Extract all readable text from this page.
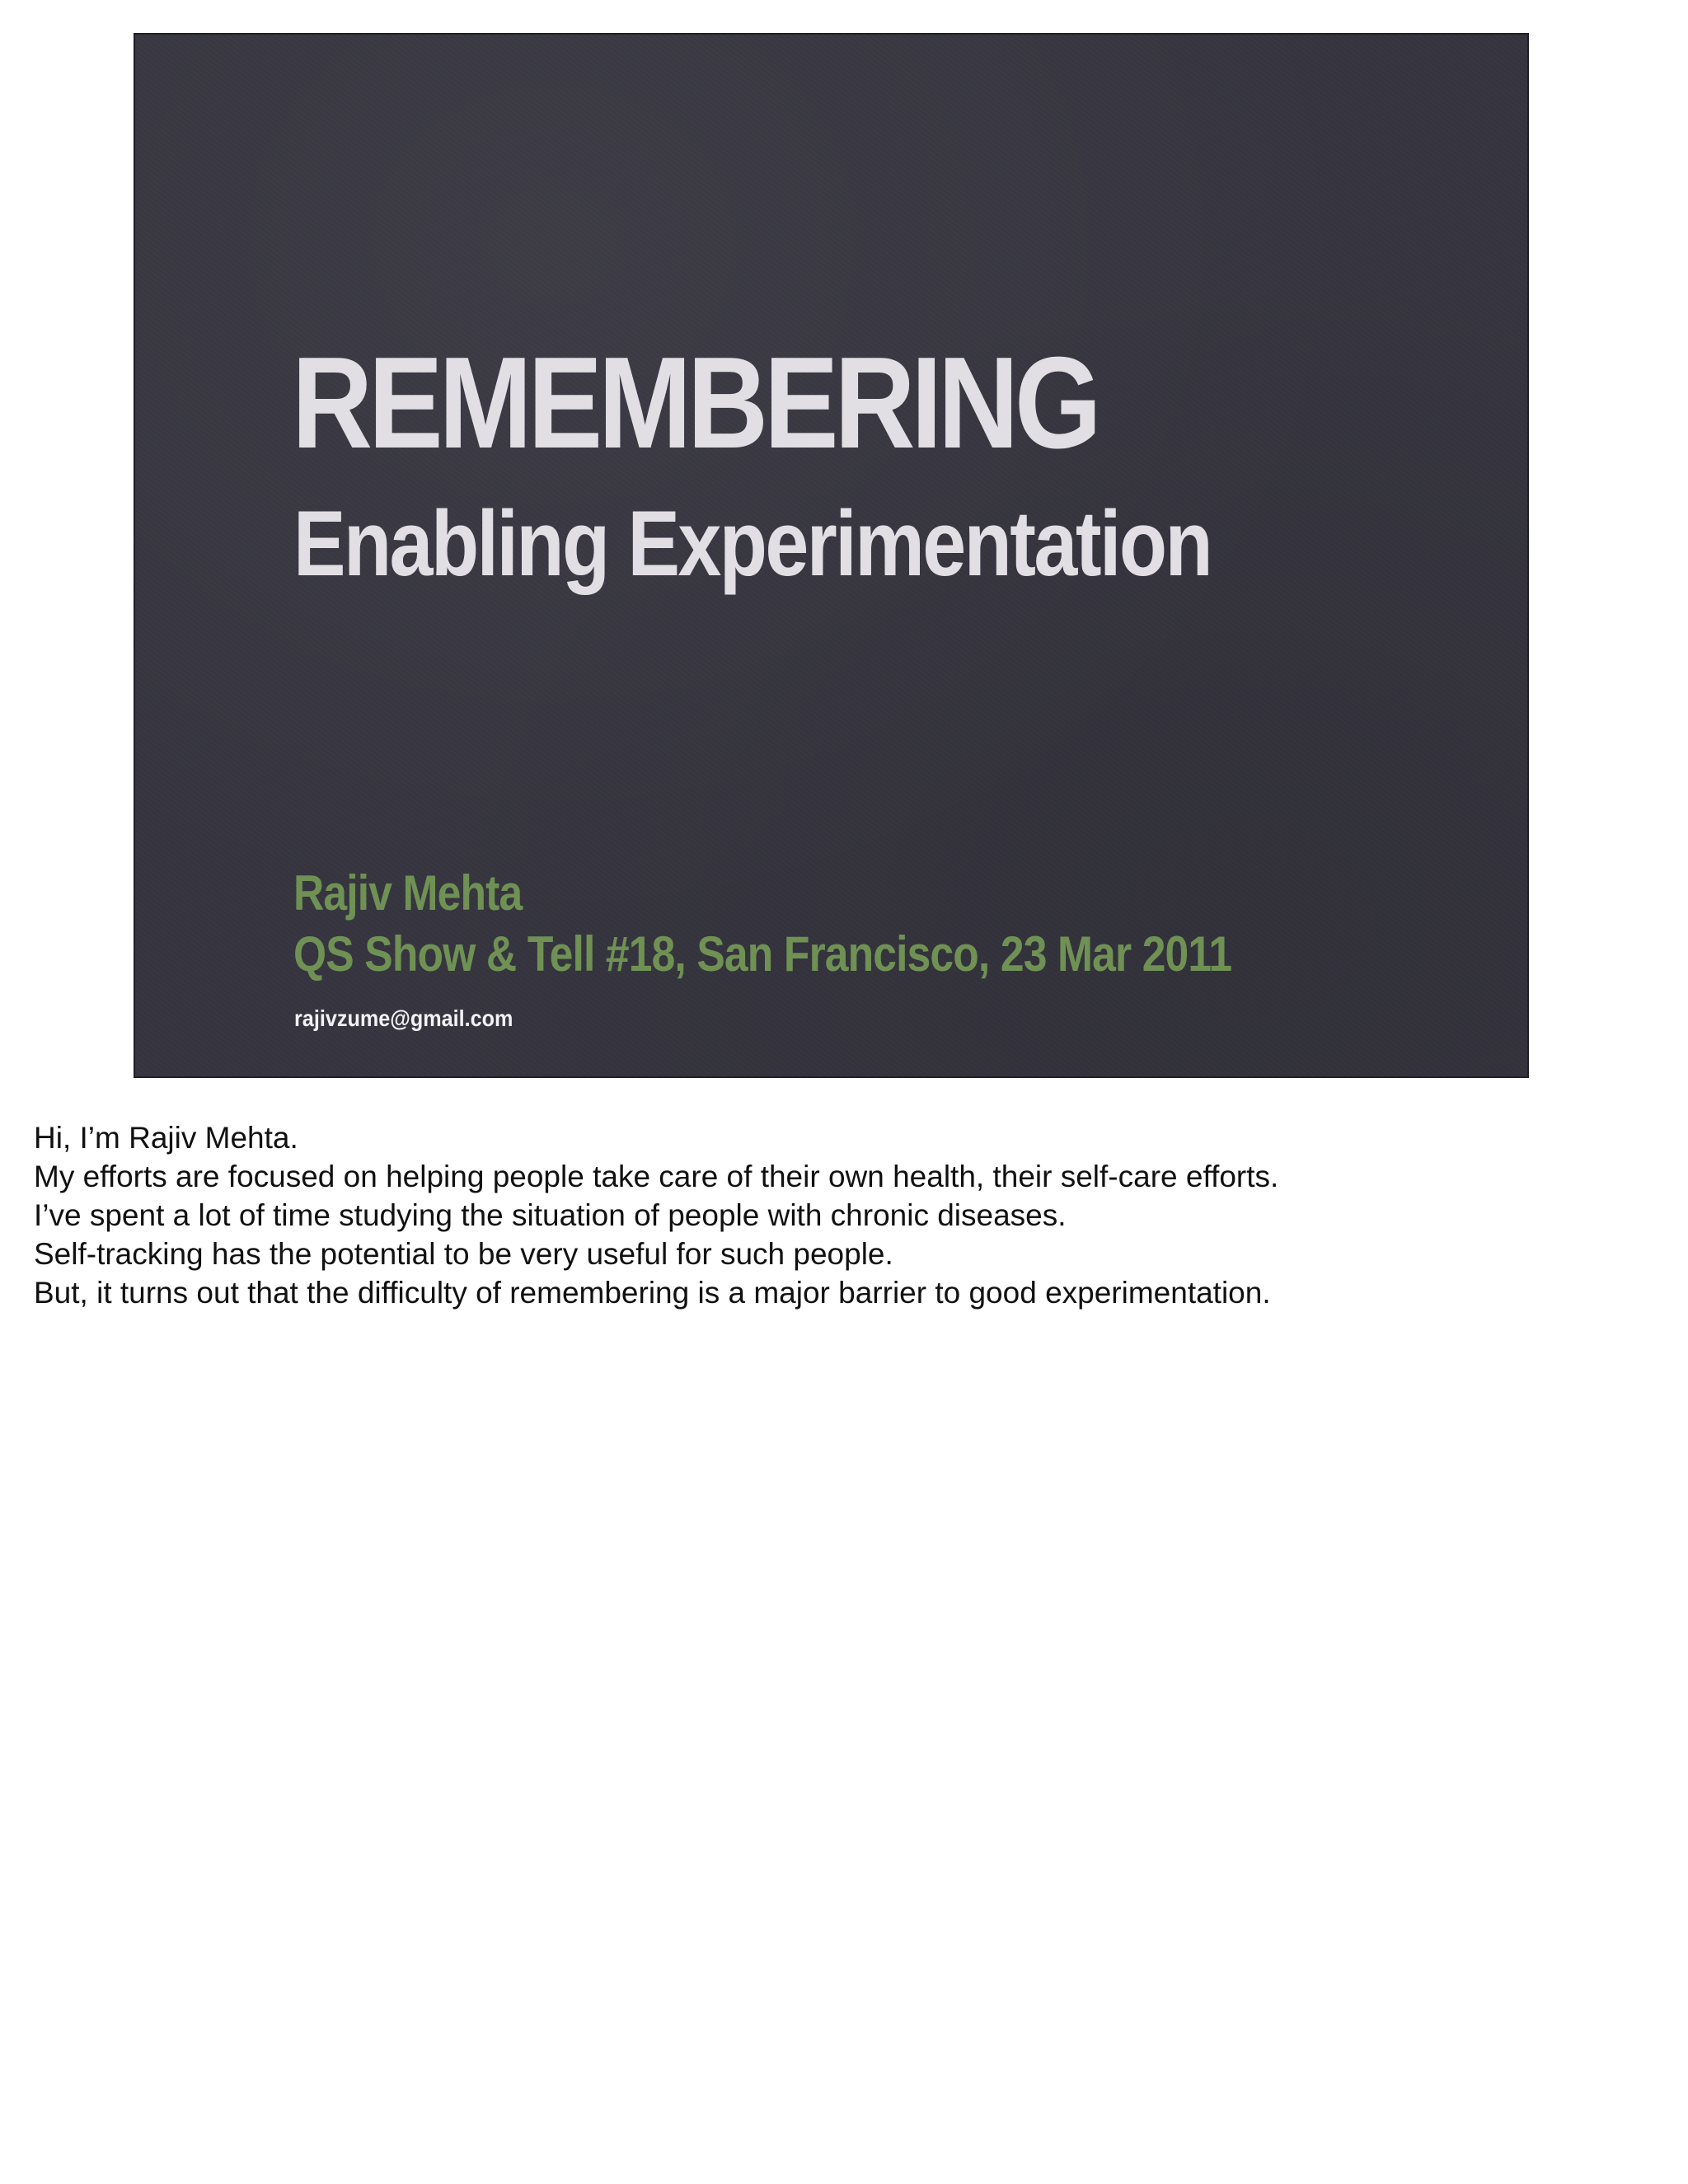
REMEMBERING
Enabling Experimentation
Rajiv Mehta
QS Show & Tell #18, San Francisco, 23 Mar 2011
rajivzume@gmail.com
Hi, I’m Rajiv Mehta.
My efforts are focused on helping people take care of their own health, their self-care efforts.
I’ve spent a lot of time studying the situation of people with chronic diseases.
Self-tracking has the potential to be very useful for such people.
But, it turns out that the difficulty of remembering is a major barrier to good experimentation.
